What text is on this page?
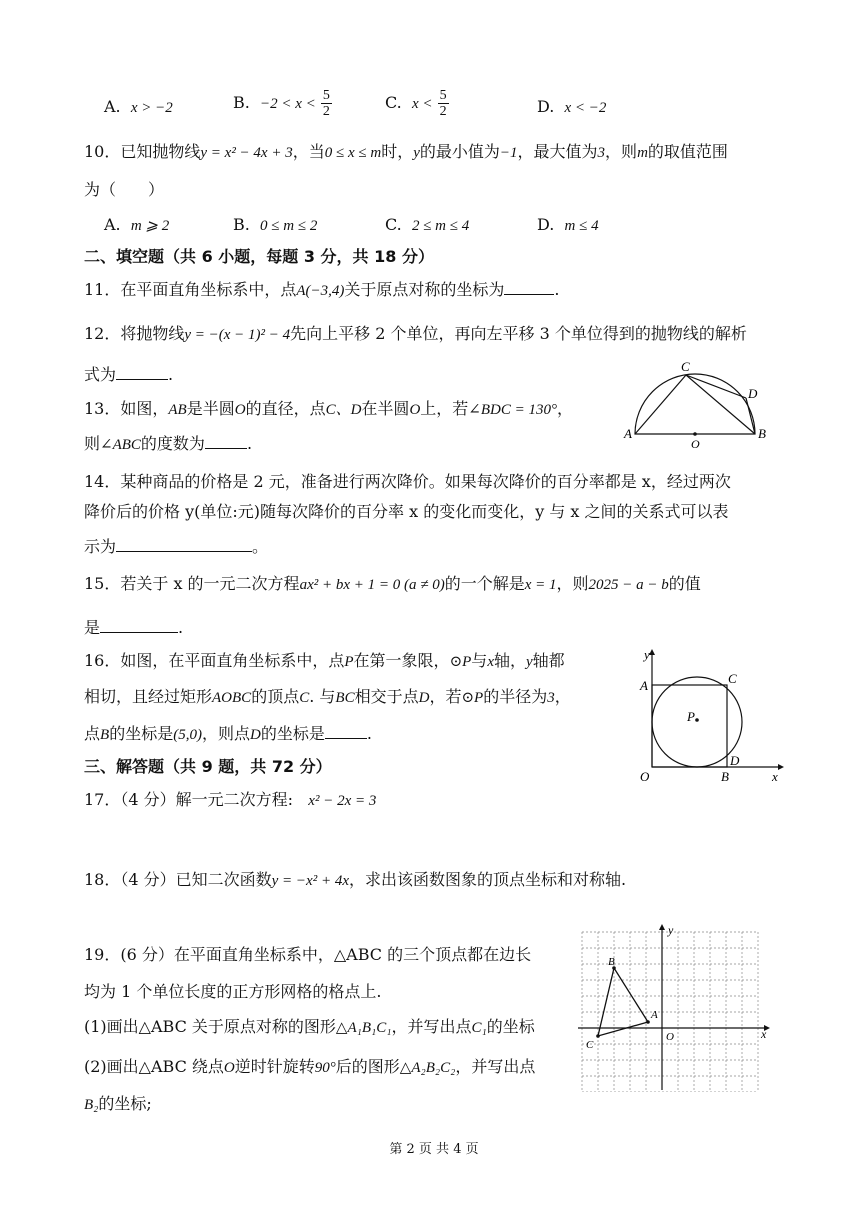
A. x > −2	B. $-2 < x < \frac{5}{2}$	C. $x < \frac{5}{2}$	D. x < −2
10．已知抛物线y = x² − 4x + 3，当0 ≤ x ≤ m时，y的最小值为−1，最大值为3，则m的取值范围
为（　　）
A. m ⩾ 2	B. 0 ≤ m ≤ 2	C. 2 ≤ m ≤ 4	D. m ≤ 4
二、填空题（共 6 小题，每题 3 分，共 18 分）
11．在平面直角坐标系中，点A(−3,4)关于原点对称的坐标为	.
12．将抛物线y = −(x − 1)² − 4先向上平移 2 个单位，再向左平移 3 个单位得到的抛物线的解析
式为	.
13．如图，AB是半圆O的直径，点C、D在半圆O上，若∠BDC = 130°，
则∠ABC的度数为	.
A	B
C
D
O
14．某种商品的价格是 2 元，准备进行两次降价。如果每次降价的百分率都是 x，经过两次
降价后的价格 y(单位:元)随每次降价的百分率 x 的变化而变化，y 与 x 之间的关系式可以表
示为	。
15．若关于 x 的一元二次方程ax² + bx + 1 = 0 (a ≠ 0)的一个解是x = 1，则2025 − a − b的值
是	.
16．如图，在平面直角坐标系中，点P在第一象限，⊙P与x轴，y轴都
相切，且经过矩形AOBC的顶点C. 与BC相交于点D，若⊙P的半径为3，
点B的坐标是(5,0)，则点D的坐标是	.
y
x
A	C
P
D
O	B
三、解答题（共 9 题，共 72 分）
17．（4 分）解一元二次方程: x² − 2x = 3
18．（4 分）已知二次函数y = −x² + 4x，求出该函数图象的顶点坐标和对称轴.
19．(6 分）在平面直角坐标系中，△ABC 的三个顶点都在边长
均为 1 个单位长度的正方形网格的格点上.
(1)画出△ABC 关于原点对称的图形△A₁B₁C₁，并写出点C₁的坐标
(2)画出△ABC 绕点O逆时针旋转90°后的图形△A₂B₂C₂，并写出点
B₂的坐标;
y
x
A
B
C
O
第 2 页 共 4 页
